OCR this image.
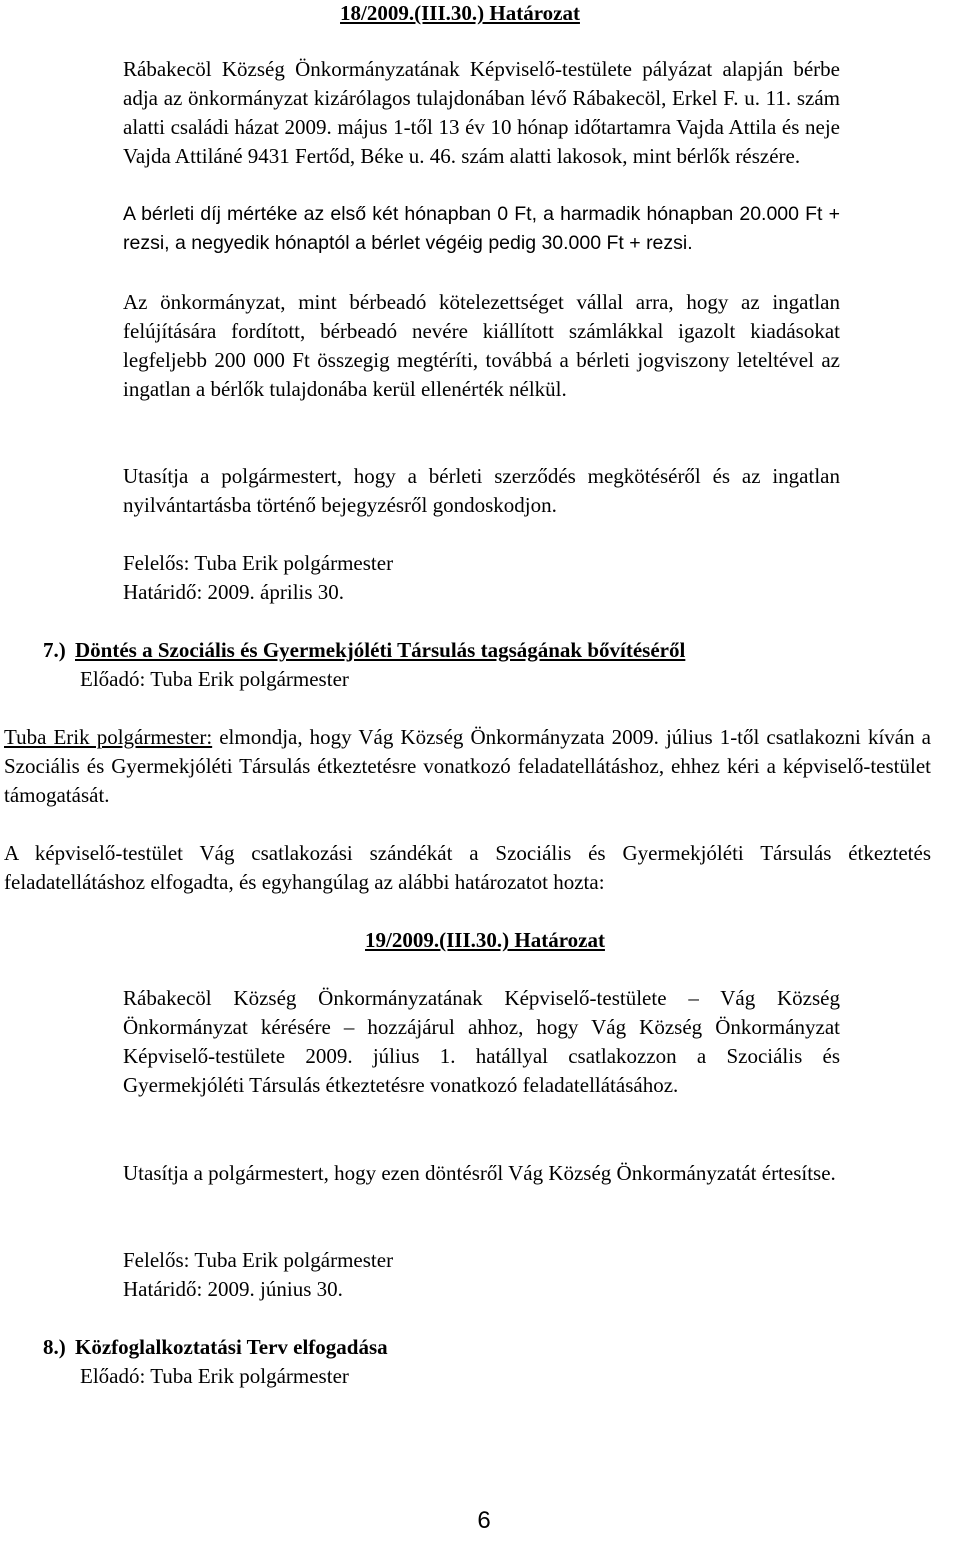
18/2009.(III.30.) Határozat

Rábakecöl Község Önkormányzatának Képviselő-testülete pályázat alapján bérbe adja az önkormányzat kizárólagos tulajdonában lévő Rábakecöl, Erkel F. u. 11. szám alatti családi házat 2009. május 1-től 13 év 10 hónap időtartamra Vajda Attila és neje Vajda Attiláné 9431 Fertőd, Béke u. 46. szám alatti lakosok, mint bérlők részére.

A bérleti díj mértéke az első két hónapban 0 Ft, a harmadik hónapban 20.000 Ft + rezsi, a negyedik hónaptól a bérlet végéig pedig 30.000 Ft + rezsi.

Az önkormányzat, mint bérbeadó kötelezettséget vállal arra, hogy az ingatlan felújítására fordított, bérbeadó nevére kiállított számlákkal igazolt kiadásokat legfeljebb 200 000 Ft összegig megtéríti, továbbá a bérleti jogviszony leteltével az ingatlan a bérlők tulajdonába kerül ellenérték nélkül.

Utasítja a polgármestert, hogy a bérleti szerződés megkötéséről és az ingatlan nyilvántartásba történő bejegyzésről gondoskodjon.

Felelős: Tuba Erik polgármester

Határidő: 2009. április 30.

7.) Döntés a Szociális és Gyermekjóléti Társulás tagságának bővítéséről

Előadó: Tuba Erik polgármester

Tuba Erik polgármester: elmondja, hogy Vág Község Önkormányzata 2009. július 1-től csatlakozni kíván a Szociális és Gyermekjóléti Társulás étkeztetésre vonatkozó feladatellátáshoz, ehhez kéri a képviselő-testület támogatását.

A képviselő-testület Vág csatlakozási szándékát a Szociális és Gyermekjóléti Társulás étkeztetés feladatellátáshoz elfogadta, és egyhangúlag az alábbi határozatot hozta:

19/2009.(III.30.) Határozat

Rábakecöl Község Önkormányzatának Képviselő-testülete – Vág Község Önkormányzat kérésére – hozzájárul ahhoz, hogy Vág Község Önkormányzat Képviselő-testülete 2009. július 1. hatállyal csatlakozzon a Szociális és Gyermekjóléti Társulás étkeztetésre vonatkozó feladatellátásához.

Utasítja a polgármestert, hogy ezen döntésről Vág Község Önkormányzatát értesítse.

Felelős: Tuba Erik polgármester

Határidő: 2009. június 30.

8.) Közfoglalkoztatási Terv elfogadása

Előadó: Tuba Erik polgármester

6
